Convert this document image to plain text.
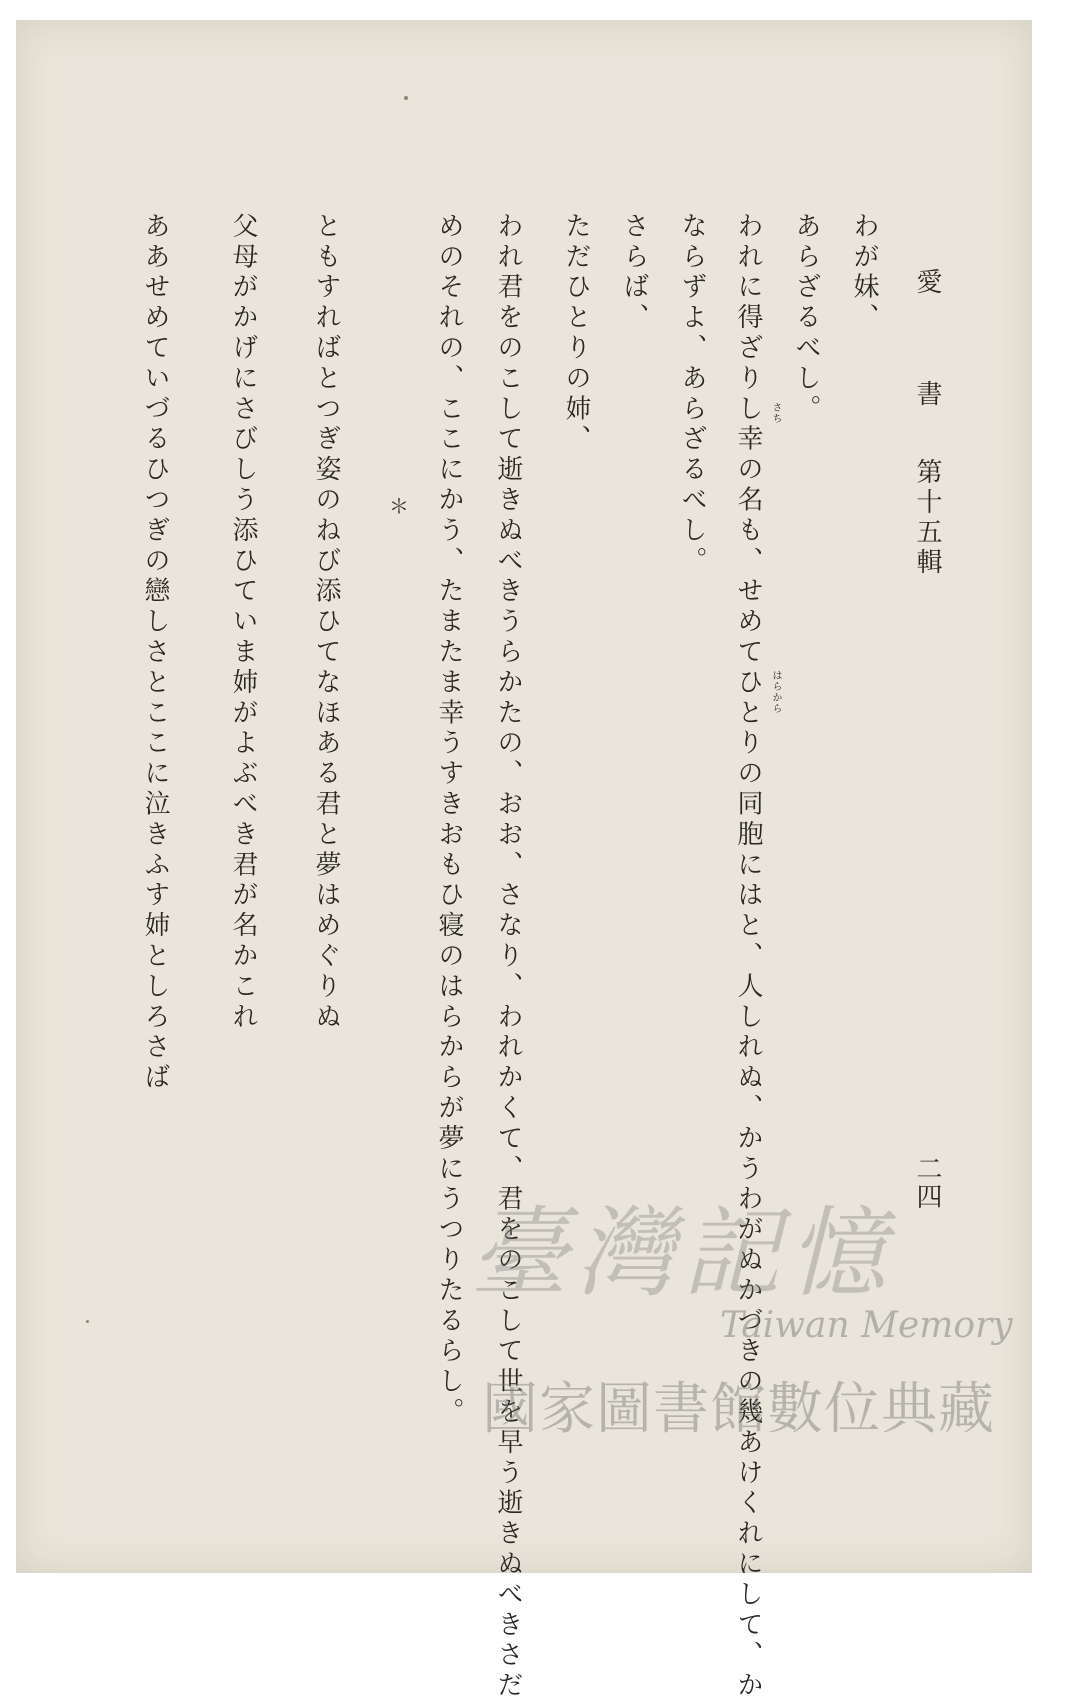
愛　書 第十五輯
二四
わが妹、
あらざるべし。
われに得ざりし幸の名も、せめてひとりの同胞にはと、人しれぬ、かうわがぬかづきの幾あけくれにして、か
ならずよ、あらざるべし。
さらば、
ただひとりの姉、
われ君をのこして逝きぬべきうらかたの、おお、さなり、われかくて、君をのこして世を早う逝きぬべきさだ
めのそれの、ここにかう、たまたま幸うすきおもひ寝のはらからが夢にうつりたるらし。	さち
はらから
＊
ともすればとつぎ姿のねび添ひてなほある君と夢はめぐりぬ
父母がかげにさびしう添ひていま姉がよぶべき君が名かこれ
ああせめていづるひつぎの戀しさとここに泣きふす姉としろさば
臺灣記憶
Taiwan Memory
國家圖書館數位典藏
